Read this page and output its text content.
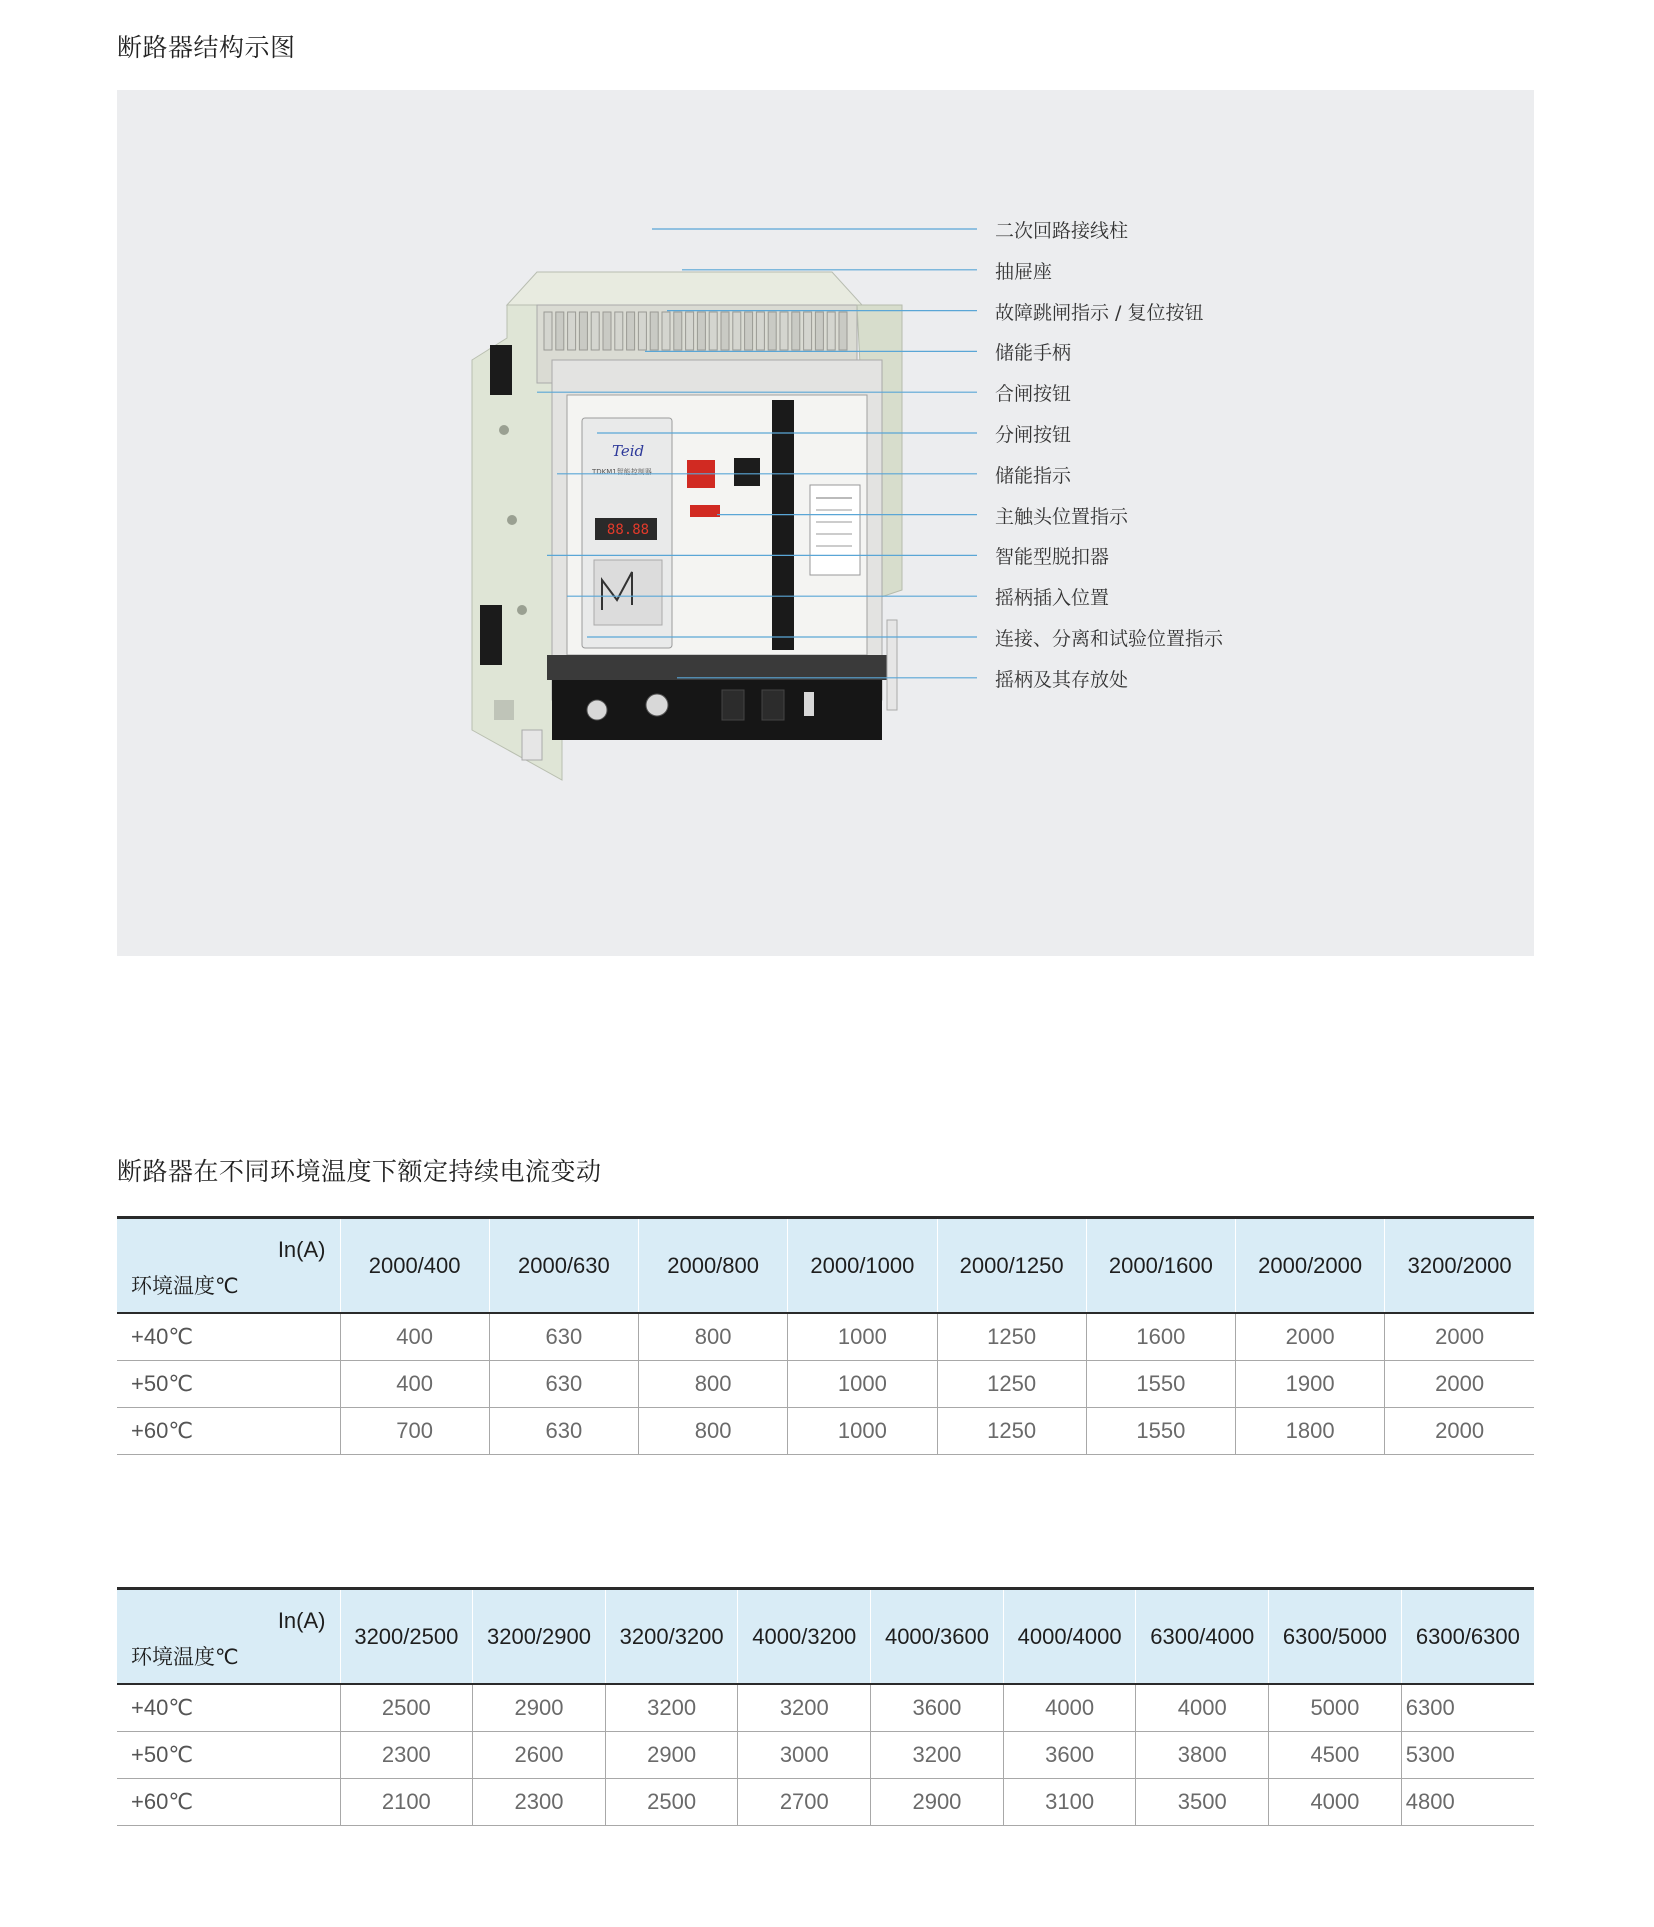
断路器结构示图
88.88
Teid
TDKM1智能控制器
二次回路接线柱
抽屉座
故障跳闸指示 / 复位按钮
储能手柄
合闸按钮
分闸按钮
储能指示
主触头位置指示
智能型脱扣器
摇柄插入位置
连接、分离和试验位置指示
摇柄及其存放处
断路器在不同环境温度下额定持续电流变动
In(A)
环境温度℃	2000/400	2000/630	2000/800	2000/1000	2000/1250	2000/1600	2000/2000	3200/2000
+40℃	400	630	800	1000	1250	1600	2000	2000
+50℃	400	630	800	1000	1250	1550	1900	2000
+60℃	700	630	800	1000	1250	1550	1800	2000
In(A)
环境温度℃	3200/2500	3200/2900	3200/3200	4000/3200	4000/3600	4000/4000	6300/4000	6300/5000	6300/6300
+40℃	2500	2900	3200	3200	3600	4000	4000	5000	6300
+50℃	2300	2600	2900	3000	3200	3600	3800	4500	5300
+60℃	2100	2300	2500	2700	2900	3100	3500	4000	4800
